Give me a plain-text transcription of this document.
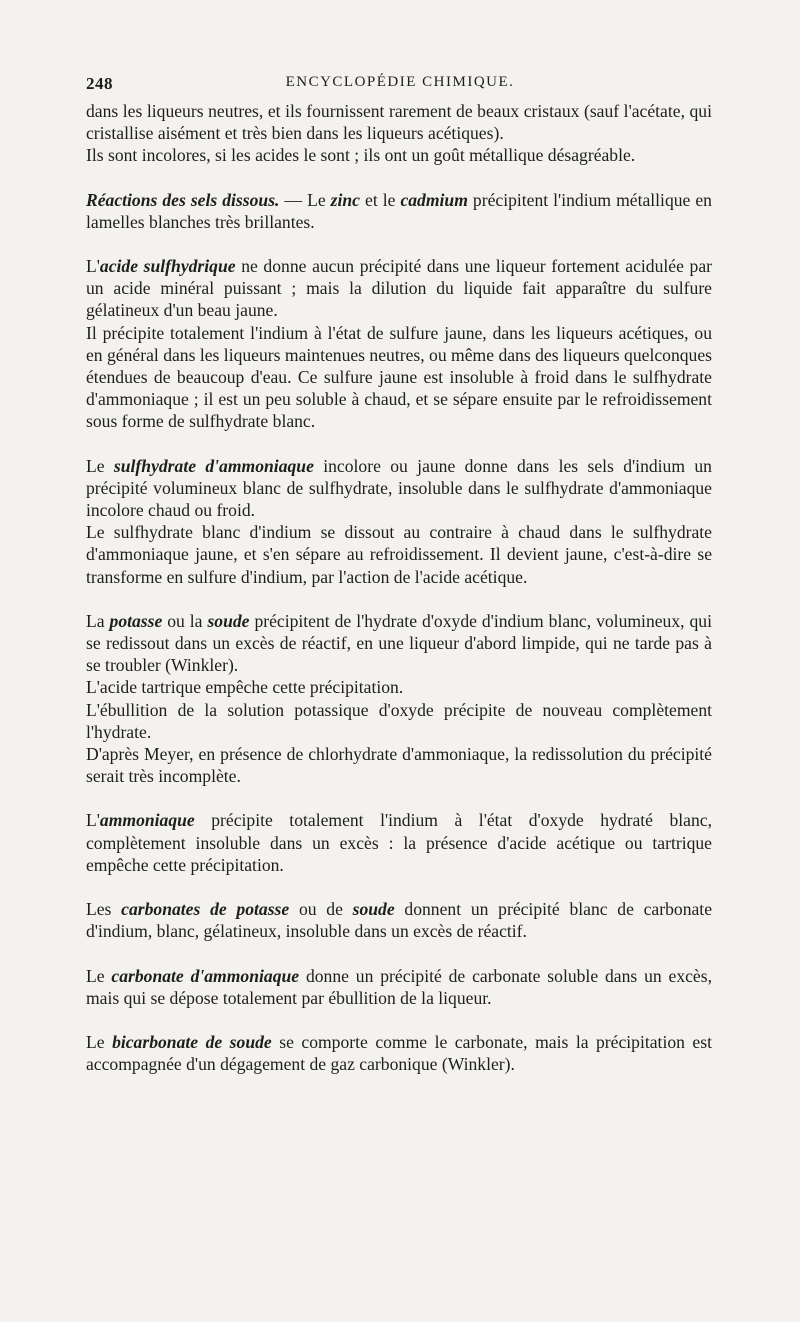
248	ENCYCLOPÉDIE CHIMIQUE.

dans les liqueurs neutres, et ils fournissent rarement de beaux cristaux (sauf l'acétate, qui cristallise aisément et très bien dans les liqueurs acétiques).

Ils sont incolores, si les acides le sont ; ils ont un goût métallique désagréable.

Réactions des sels dissous. — Le zinc et le cadmium précipitent l'indium métallique en lamelles blanches très brillantes.

L'acide sulfhydrique ne donne aucun précipité dans une liqueur fortement acidulée par un acide minéral puissant ; mais la dilution du liquide fait apparaître du sulfure gélatineux d'un beau jaune.

Il précipite totalement l'indium à l'état de sulfure jaune, dans les liqueurs acétiques, ou en général dans les liqueurs maintenues neutres, ou même dans des liqueurs quelconques étendues de beaucoup d'eau. Ce sulfure jaune est insoluble à froid dans le sulfhydrate d'ammoniaque ; il est un peu soluble à chaud, et se sépare ensuite par le refroidissement sous forme de sulfhydrate blanc.

Le sulfhydrate d'ammoniaque incolore ou jaune donne dans les sels d'indium un précipité volumineux blanc de sulfhydrate, insoluble dans le sulfhydrate d'ammoniaque incolore chaud ou froid.

Le sulfhydrate blanc d'indium se dissout au contraire à chaud dans le sulfhydrate d'ammoniaque jaune, et s'en sépare au refroidissement. Il devient jaune, c'est-à-dire se transforme en sulfure d'indium, par l'action de l'acide acétique.

La potasse ou la soude précipitent de l'hydrate d'oxyde d'indium blanc, volumineux, qui se redissout dans un excès de réactif, en une liqueur d'abord limpide, qui ne tarde pas à se troubler (Winkler).

L'acide tartrique empêche cette précipitation.

L'ébullition de la solution potassique d'oxyde précipite de nouveau complètement l'hydrate.

D'après Meyer, en présence de chlorhydrate d'ammoniaque, la redissolution du précipité serait très incomplète.

L'ammoniaque précipite totalement l'indium à l'état d'oxyde hydraté blanc, complètement insoluble dans un excès : la présence d'acide acétique ou tartrique empêche cette précipitation.

Les carbonates de potasse ou de soude donnent un précipité blanc de carbonate d'indium, blanc, gélatineux, insoluble dans un excès de réactif.

Le carbonate d'ammoniaque donne un précipité de carbonate soluble dans un excès, mais qui se dépose totalement par ébullition de la liqueur.

Le bicarbonate de soude se comporte comme le carbonate, mais la précipitation est accompagnée d'un dégagement de gaz carbonique (Winkler).
